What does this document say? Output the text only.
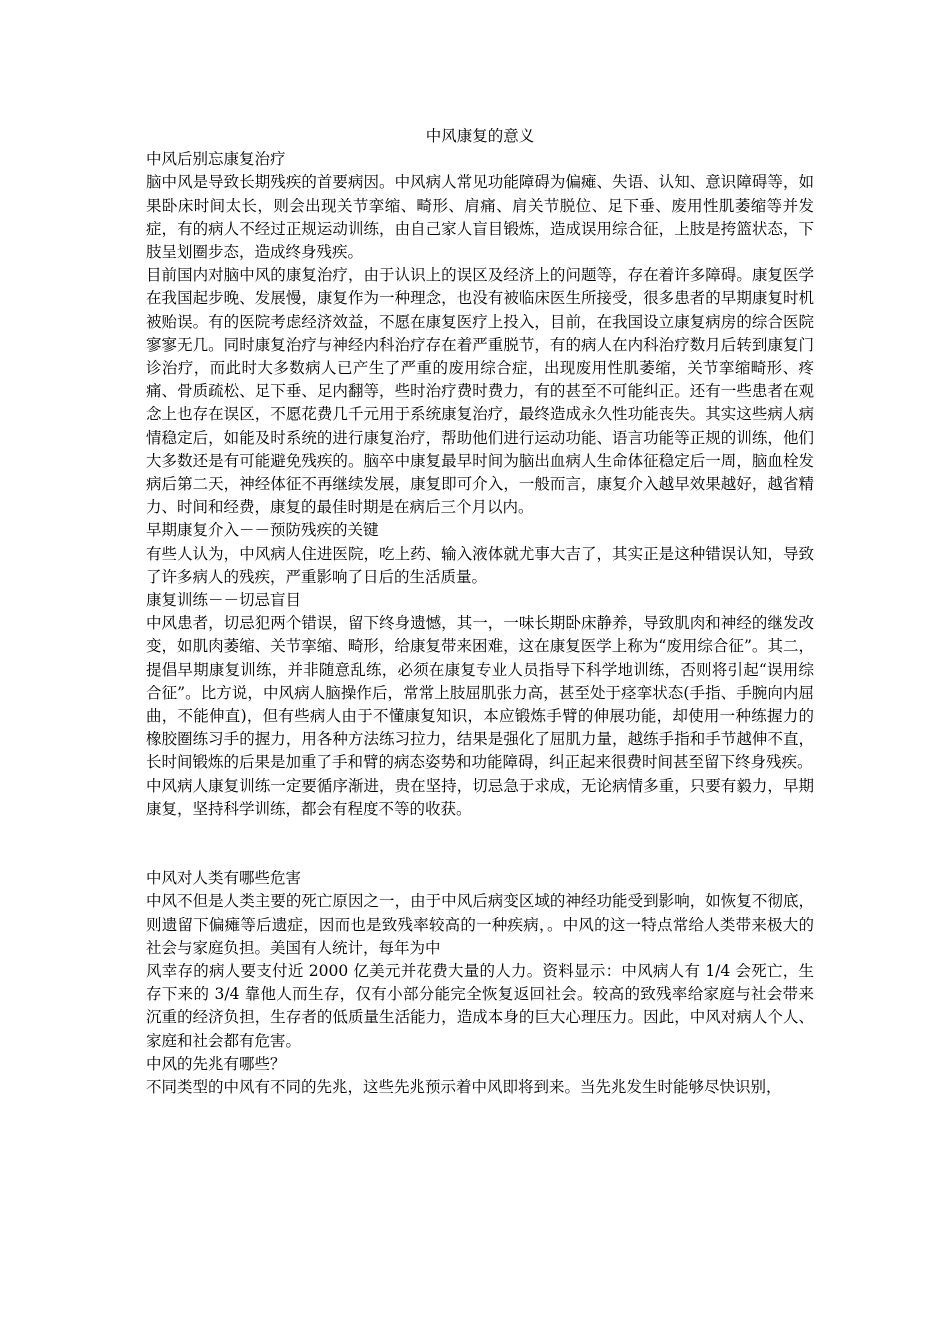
中风康复的意义

中风后别忘康复治疗

脑中风是导致长期残疾的首要病因。中风病人常见功能障碍为偏瘫、失语、认知、意识障碍等，如果卧床时间太长，则会出现关节挛缩、畸形、肩痛、肩关节脱位、足下垂、废用性肌萎缩等并发症，有的病人不经过正规运动训练，由自己家人盲目锻炼，造成误用综合征，上肢是挎篮状态，下肢呈划圈步态，造成终身残疾。

目前国内对脑中风的康复治疗，由于认识上的误区及经济上的问题等，存在着许多障碍。康复医学在我国起步晚、发展慢，康复作为一种理念，也没有被临床医生所接受，很多患者的早期康复时机被贻误。有的医院考虑经济效益，不愿在康复医疗上投入，目前，在我国设立康复病房的综合医院寥寥无几。同时康复治疗与神经内科治疗存在着严重脱节，有的病人在内科治疗数月后转到康复门诊治疗，而此时大多数病人已产生了严重的废用综合症，出现废用性肌萎缩，关节挛缩畸形、疼痛、骨质疏松、足下垂、足内翻等，些时治疗费时费力，有的甚至不可能纠正。还有一些患者在观念上也存在误区，不愿花费几千元用于系统康复治疗，最终造成永久性功能丧失。其实这些病人病情稳定后，如能及时系统的进行康复治疗，帮助他们进行运动功能、语言功能等正规的训练，他们大多数还是有可能避免残疾的。脑卒中康复最早时间为脑出血病人生命体征稳定后一周，脑血栓发病后第二天，神经体征不再继续发展，康复即可介入，一般而言，康复介入越早效果越好，越省精力、时间和经费，康复的最佳时期是在病后三个月以内。

早期康复介入－－预防残疾的关键

有些人认为，中风病人住进医院，吃上药、输入液体就尤事大吉了，其实正是这种错误认知，导致了许多病人的残疾，严重影响了日后的生活质量。

康复训练－－切忌盲目

中风患者，切忌犯两个错误，留下终身遗憾，其一，一味长期卧床静养，导致肌肉和神经的继发改变，如肌肉萎缩、关节挛缩、畸形，给康复带来困难，这在康复医学上称为“废用综合征”。其二，提倡早期康复训练，并非随意乱练，必须在康复专业人员指导下科学地训练，否则将引起“误用综合征”。比方说，中风病人脑操作后，常常上肢屈肌张力高，甚至处于痉挛状态(手指、手腕向内屈曲，不能伸直)，但有些病人由于不懂康复知识，本应锻炼手臂的伸展功能，却使用一种练握力的橡胶圈练习手的握力，用各种方法练习拉力，结果是强化了屈肌力量，越练手指和手节越伸不直，长时间锻炼的后果是加重了手和臂的病态姿势和功能障碍，纠正起来很费时间甚至留下终身残疾。

中风病人康复训练一定要循序渐进，贵在坚持，切忌急于求成，无论病情多重，只要有毅力，早期康复，坚持科学训练，都会有程度不等的收获。

中风对人类有哪些危害

中风不但是人类主要的死亡原因之一，由于中风后病变区域的神经功能受到影响，如恢复不彻底，则遗留下偏瘫等后遗症，因而也是致残率较高的一种疾病，。中风的这一特点常给人类带来极大的社会与家庭负担。美国有人统计，每年为中

风幸存的病人要支付近 2000 亿美元并花费大量的人力。资料显示：中风病人有 1/4 会死亡，生存下来的 3/4 靠他人而生存，仅有小部分能完全恢复返回社会。较高的致残率给家庭与社会带来沉重的经济负担，生存者的低质量生活能力，造成本身的巨大心理压力。因此，中风对病人个人、家庭和社会都有危害。

中风的先兆有哪些？

不同类型的中风有不同的先兆，这些先兆预示着中风即将到来。当先兆发生时能够尽快识别，
